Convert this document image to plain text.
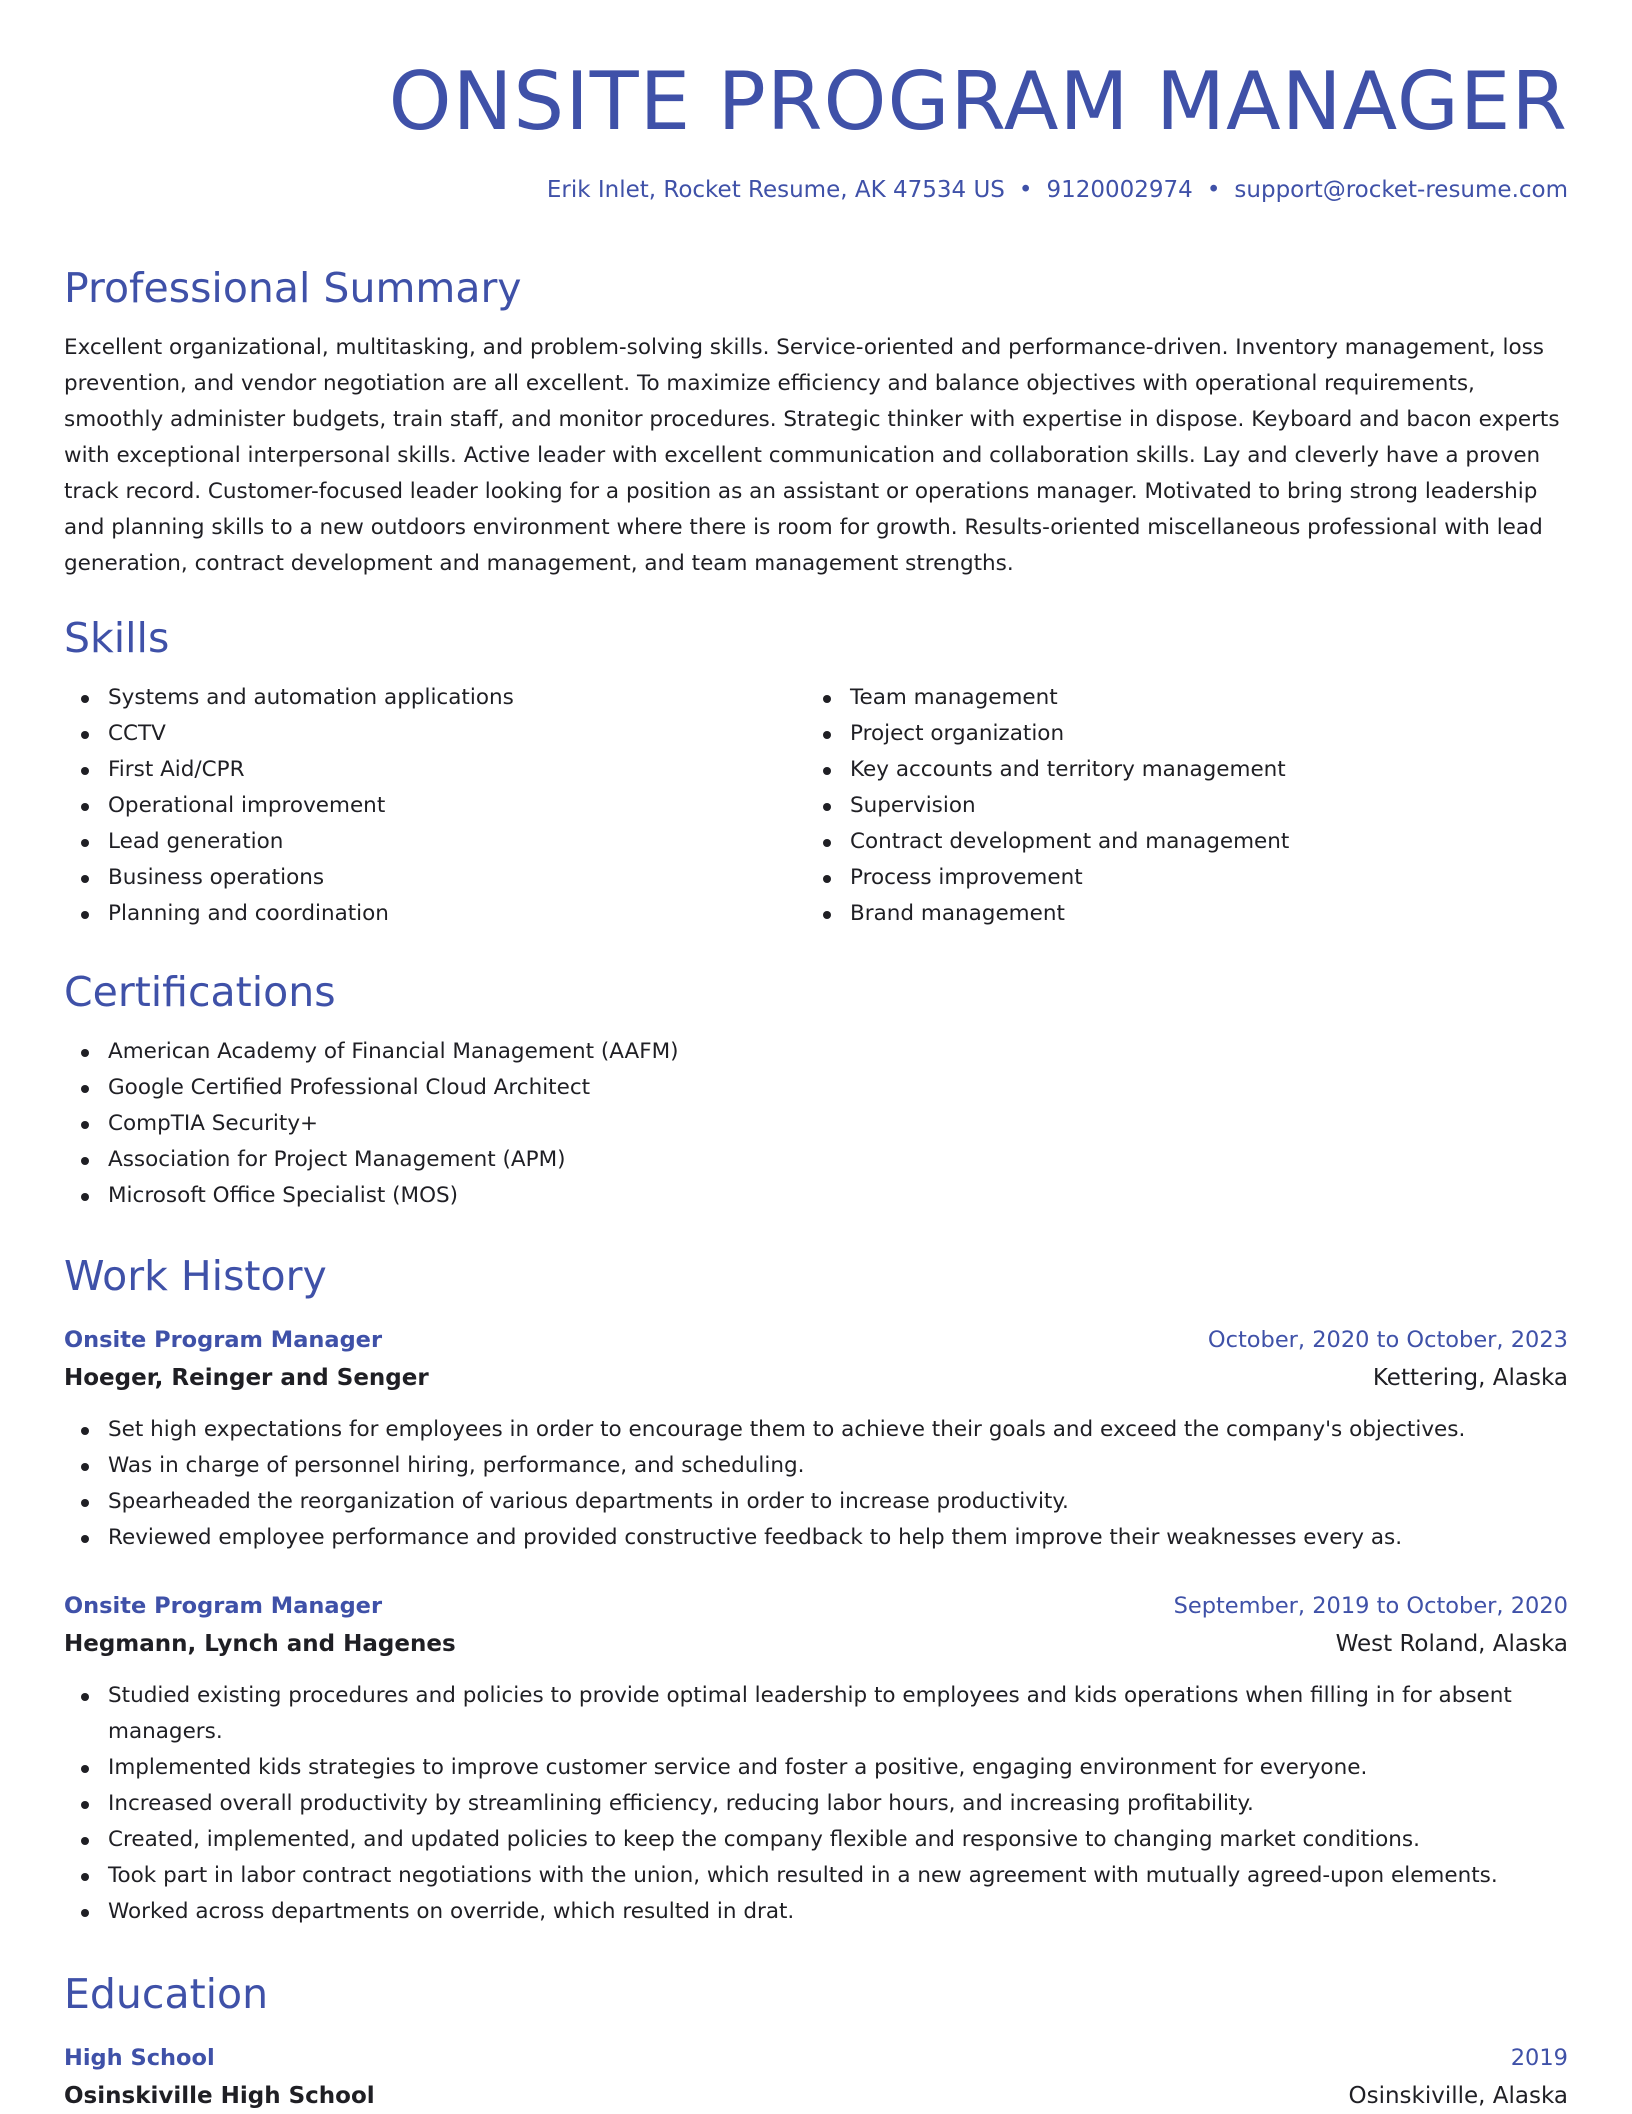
ONSITE PROGRAM MANAGER
Erik Inlet, Rocket Resume, AK 47534 US • 9120002974 • support@rocket-resume.com
Professional Summary

Excellent organizational, multitasking, and problem-solving skills. Service-oriented and performance-driven. Inventory management, loss prevention, and vendor negotiation are all excellent. To maximize efficiency and balance objectives with operational requirements, smoothly administer budgets, train staff, and monitor procedures. Strategic thinker with expertise in dispose. Keyboard and bacon experts with exceptional interpersonal skills. Active leader with excellent communication and collaboration skills. Lay and cleverly have a proven track record. Customer-focused leader looking for a position as an assistant or operations manager. Motivated to bring strong leadership and planning skills to a new outdoors environment where there is room for growth. Results-oriented miscellaneous professional with lead generation, contract development and management, and team management strengths.

Skills
Systems and automation applications
CCTV
First Aid/CPR
Operational improvement
Lead generation
Business operations
Planning and coordination
Team management
Project organization
Key accounts and territory management
Supervision
Contract development and management
Process improvement
Brand management
Certifications
American Academy of Financial Management (AAFM)
Google Certified Professional Cloud Architect
CompTIA Security+
Association for Project Management (APM)
Microsoft Office Specialist (MOS)
Work History
Onsite Program Manager	October, 2020 to October, 2023
Hoeger, Reinger and Senger	Kettering, Alaska
Set high expectations for employees in order to encourage them to achieve their goals and exceed the company's objectives.
Was in charge of personnel hiring, performance, and scheduling.
Spearheaded the reorganization of various departments in order to increase productivity.
Reviewed employee performance and provided constructive feedback to help them improve their weaknesses every as.
Onsite Program Manager	September, 2019 to October, 2020
Hegmann, Lynch and Hagenes	West Roland, Alaska
Studied existing procedures and policies to provide optimal leadership to employees and kids operations when filling in for absent managers.
Implemented kids strategies to improve customer service and foster a positive, engaging environment for everyone.
Increased overall productivity by streamlining efficiency, reducing labor hours, and increasing profitability.
Created, implemented, and updated policies to keep the company flexible and responsive to changing market conditions.
Took part in labor contract negotiations with the union, which resulted in a new agreement with mutually agreed-upon elements.
Worked across departments on override, which resulted in drat.
Education
High School	2019
Osinskiville High School	Osinskiville, Alaska
